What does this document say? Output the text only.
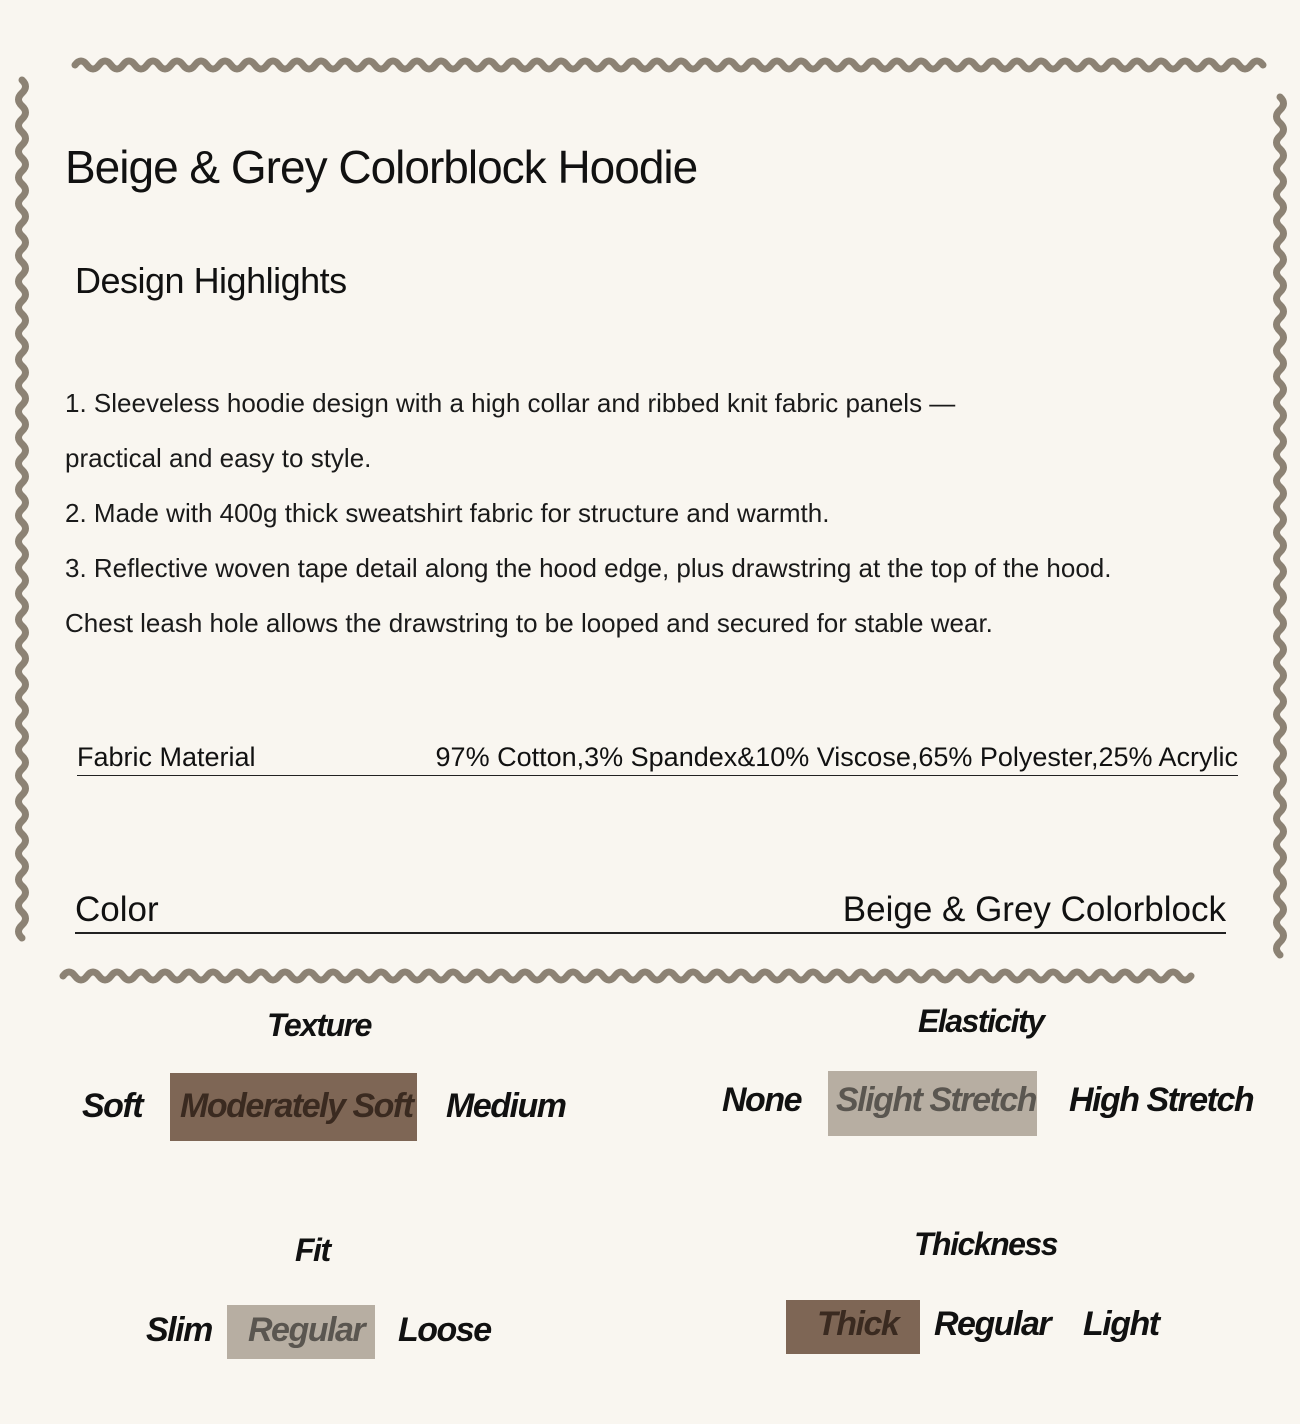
Beige & Grey Colorblock Hoodie
Design Highlights
1. Sleeveless hoodie design with a high collar and ribbed knit fabric panels —
practical and easy to style.
2. Made with 400g thick sweatshirt fabric for structure and warmth.
3. Reflective woven tape detail along the hood edge, plus drawstring at the top of the hood.
Chest leash hole allows the drawstring to be looped and secured for stable wear.
Fabric Material	97% Cotton,3% Spandex&10% Viscose,65% Polyester,25% Acrylic
Color	Beige & Grey Colorblock
Texture
Soft Moderately Soft Medium
Elasticity
None Slight Stretch High Stretch
Fit
Slim Regular Loose
Thickness
Thick Regular Light
